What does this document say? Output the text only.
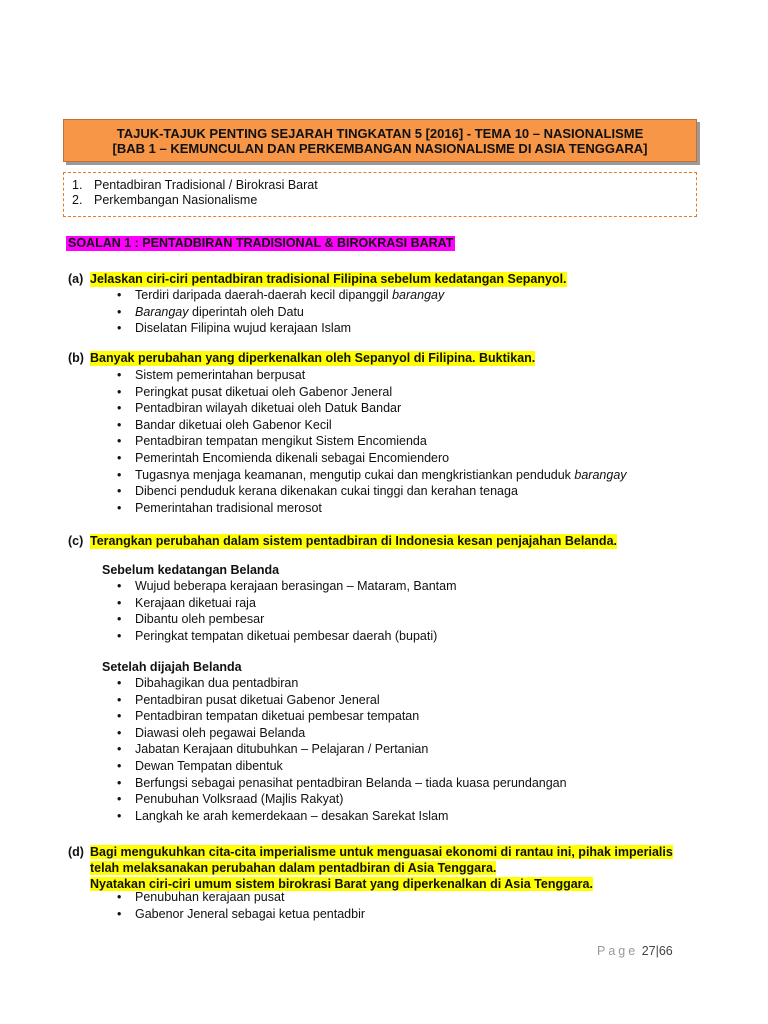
TAJUK-TAJUK PENTING SEJARAH TINGKATAN 5 [2016] - TEMA 10 – NASIONALISME
[BAB 1 – KEMUNCULAN DAN PERKEMBANGAN NASIONALISME DI ASIA TENGGARA]
1. Pentadbiran Tradisional / Birokrasi Barat
2. Perkembangan Nasionalisme
SOALAN 1 : PENTADBIRAN TRADISIONAL & BIROKRASI BARAT
(a) Jelaskan ciri-ciri pentadbiran tradisional Filipina sebelum kedatangan Sepanyol.
• Terdiri daripada daerah-daerah kecil dipanggil barangay
• Barangay diperintah oleh Datu
• Diselatan Filipina wujud kerajaan Islam
(b) Banyak perubahan yang diperkenalkan oleh Sepanyol di Filipina. Buktikan.
• Sistem pemerintahan berpusat
• Peringkat pusat diketuai oleh Gabenor Jeneral
• Pentadbiran wilayah diketuai oleh Datuk Bandar
• Bandar diketuai oleh Gabenor Kecil
• Pentadbiran tempatan mengikut Sistem Encomienda
• Pemerintah Encomienda dikenali sebagai Encomiendero
• Tugasnya menjaga keamanan, mengutip cukai dan mengkristiankan penduduk barangay
• Dibenci penduduk kerana dikenakan cukai tinggi dan kerahan tenaga
• Pemerintahan tradisional merosot
(c) Terangkan perubahan dalam sistem pentadbiran di Indonesia kesan penjajahan Belanda.
Sebelum kedatangan Belanda
• Wujud beberapa kerajaan berasingan – Mataram, Bantam
• Kerajaan diketuai raja
• Dibantu oleh pembesar
• Peringkat tempatan diketuai pembesar daerah (bupati)
Setelah dijajah Belanda
• Dibahagikan dua pentadbiran
• Pentadbiran pusat diketuai Gabenor Jeneral
• Pentadbiran tempatan diketuai pembesar tempatan
• Diawasi oleh pegawai Belanda
• Jabatan Kerajaan ditubuhkan – Pelajaran / Pertanian
• Dewan Tempatan dibentuk
• Berfungsi sebagai penasihat pentadbiran Belanda – tiada kuasa perundangan
• Penubuhan Volksraad (Majlis Rakyat)
• Langkah ke arah kemerdekaan – desakan Sarekat Islam
(d) Bagi mengukuhkan cita-cita imperialisme untuk menguasai ekonomi di rantau ini, pihak imperialis
telah melaksanakan perubahan dalam pentadbiran di Asia Tenggara.
Nyatakan ciri-ciri umum sistem birokrasi Barat yang diperkenalkan di Asia Tenggara.
• Penubuhan kerajaan pusat
• Gabenor Jeneral sebagai ketua pentadbir
Page 27|66
